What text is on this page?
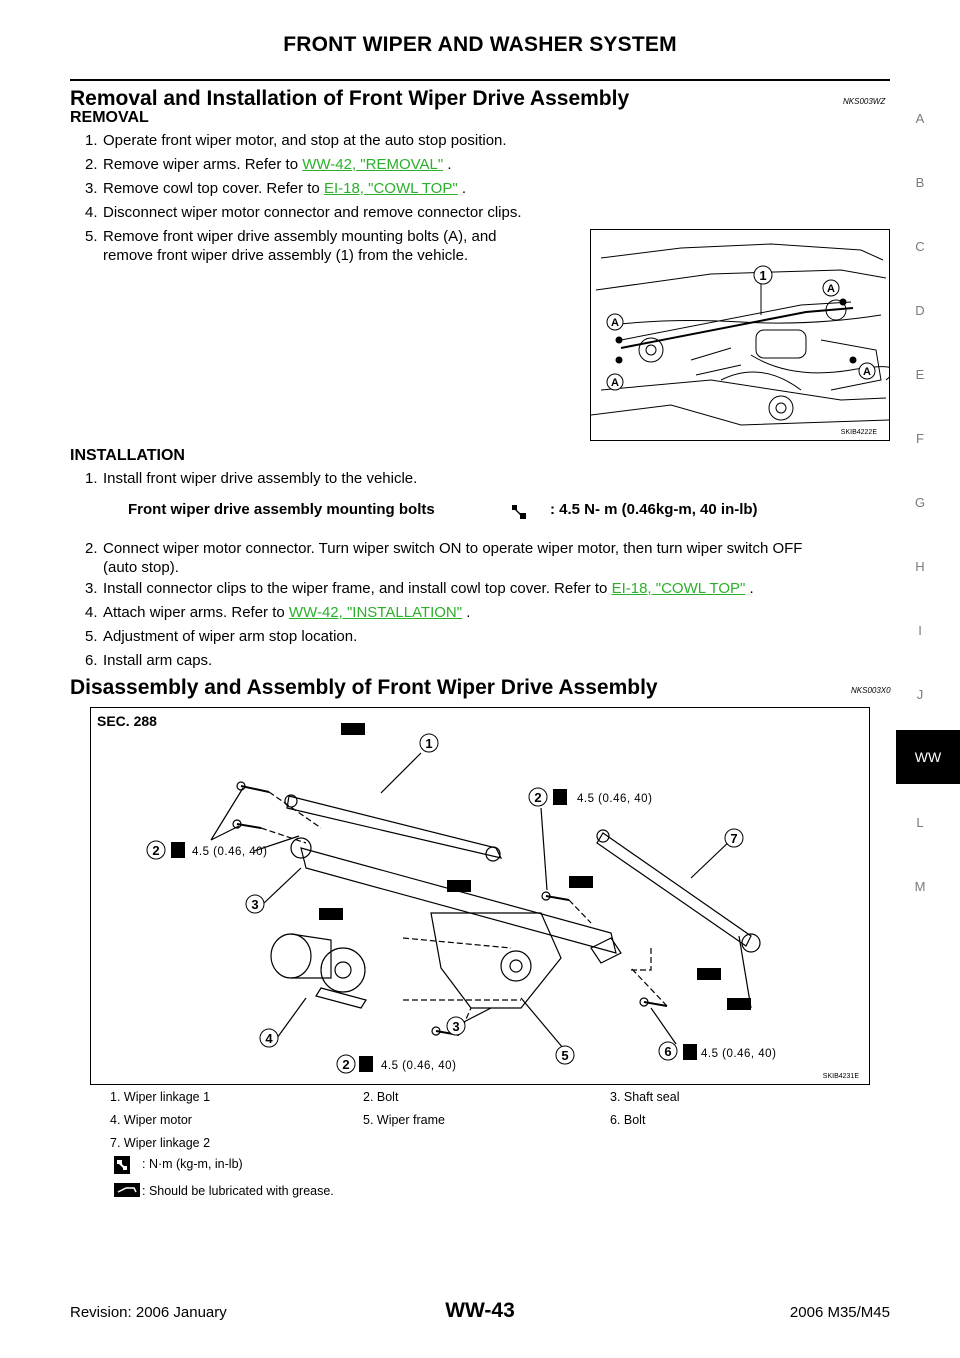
FRONT WIPER AND WASHER SYSTEM
A
B
C
D
E
F
G
H
I
J
WW
L
M
Removal and Installation of Front Wiper Drive Assembly	NKS003WZ
REMOVAL
1. Operate front wiper motor, and stop at the auto stop position.
2. Remove wiper arms. Refer to WW-42, "REMOVAL" .
3. Remove cowl top cover. Refer to EI-18, "COWL TOP" .
4. Disconnect wiper motor connector and remove connector clips.
5. Remove front wiper drive assembly mounting bolts (A), and
remove front wiper drive assembly (1) from the vehicle.
1
A
A
A
A
SKIB4222E
INSTALLATION
1. Install front wiper drive assembly to the vehicle.
Front wiper drive assembly mounting bolts	: 4.5 N- m (0.46kg-m, 40 in-lb)
2. Connect wiper motor connector. Turn wiper switch ON to operate wiper motor, then turn wiper switch OFF
(auto stop).
3. Install connector clips to the wiper frame, and install cowl top cover. Refer to EI-18, "COWL TOP" .
4. Attach wiper arms. Refer to WW-42, "INSTALLATION" .
5. Adjustment of wiper arm stop location.
6. Install arm caps.
Disassembly and Assembly of Front Wiper Drive Assembly	NKS003X0
SEC. 288
1
2
2
3
3
4
5	6
7
2
4.5 (0.46, 40)
4.5 (0.46, 40)
4.5 (0.46, 40)
4.5 (0.46, 40)
SKIB4231E
1. Wiper linkage 1	2. Bolt	3. Shaft seal
4. Wiper motor	5. Wiper frame	6. Bolt
7. Wiper linkage 2
: N·m (kg-m, in-lb)
: Should be lubricated with grease.
Revision: 2006 January	WW-43	2006 M35/M45
